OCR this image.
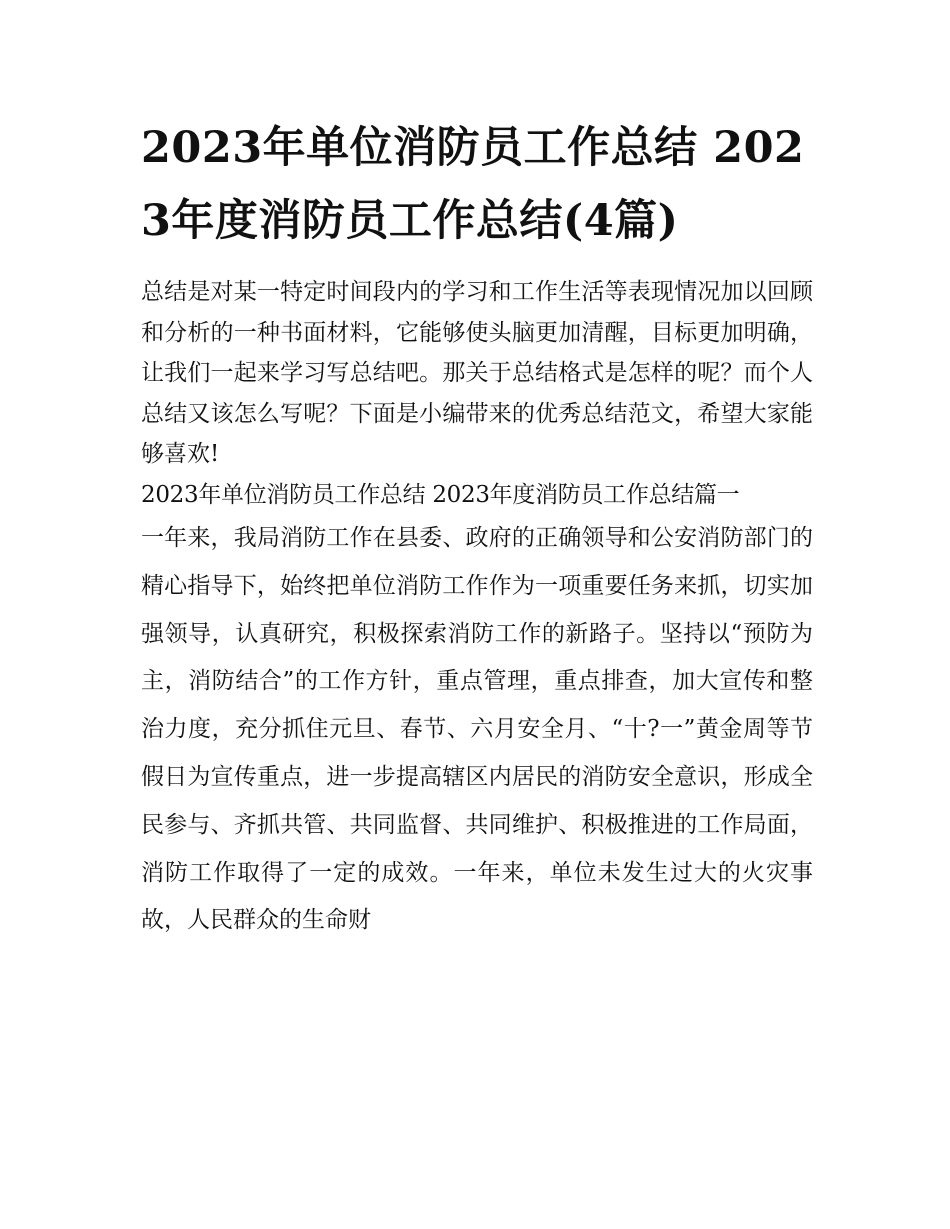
2023年单位消防员工作总结 2023年度消防员工作总结(4篇)

总结是对某一特定时间段内的学习和工作生活等表现情况加以回顾和分析的一种书面材料，它能够使头脑更加清醒，目标更加明确，让我们一起来学习写总结吧。那关于总结格式是怎样的呢？而个人总结又该怎么写呢？下面是小编带来的优秀总结范文，希望大家能够喜欢!

2023年单位消防员工作总结 2023年度消防员工作总结篇一

一年来，我局消防工作在县委、政府的正确领导和公安消防部门的精心指导下，始终把单位消防工作作为一项重要任务来抓，切实加强领导，认真研究，积极探索消防工作的新路子。坚持以“预防为主，消防结合”的工作方针，重点管理，重点排查，加大宣传和整治力度，充分抓住元旦、春节、六月安全月、“十?一”黄金周等节假日为宣传重点，进一步提高辖区内居民的消防安全意识，形成全民参与、齐抓共管、共同监督、共同维护、积极推进的工作局面，消防工作取得了一定的成效。一年来，单位未发生过大的火灾事故，人民群众的生命财
